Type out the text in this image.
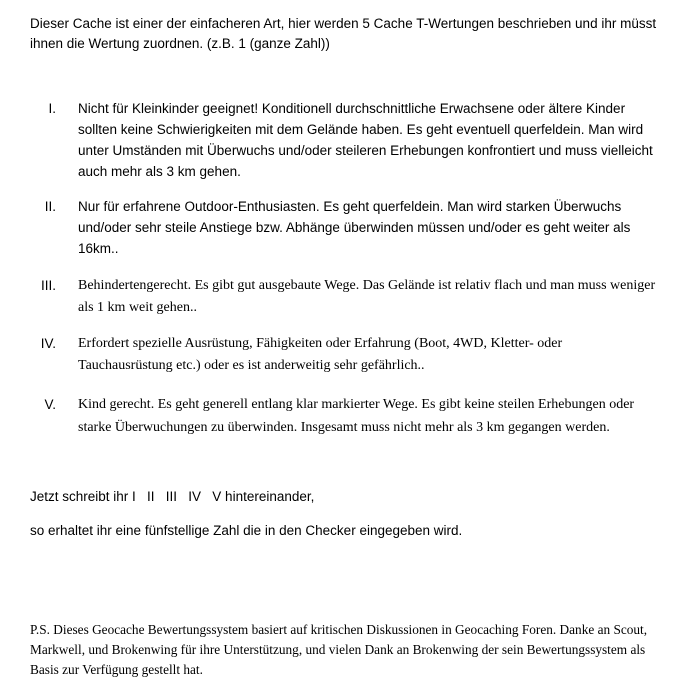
Dieser Cache ist einer der einfacheren Art, hier werden 5 Cache T-Wertungen beschrieben und ihr müsst ihnen die Wertung zuordnen. (z.B. 1 (ganze Zahl))

I. Nicht für Kleinkinder geeignet! Konditionell durchschnittliche Erwachsene oder ältere Kinder sollten keine Schwierigkeiten mit dem Gelände haben. Es geht eventuell querfeldein. Man wird unter Umständen mit Überwuchs und/oder steileren Erhebungen konfrontiert und muss vielleicht auch mehr als 3 km gehen.

II. Nur für erfahrene Outdoor-Enthusiasten. Es geht querfeldein. Man wird starken Überwuchs und/oder sehr steile Anstiege bzw. Abhänge überwinden müssen und/oder es geht weiter als 16km..

III. Behindertengerecht. Es gibt gut ausgebaute Wege. Das Gelände ist relativ flach und man muss weniger als 1 km weit gehen..

IV. Erfordert spezielle Ausrüstung, Fähigkeiten oder Erfahrung (Boot, 4WD, Kletter- oder Tauchausrüstung etc.) oder es ist anderweitig sehr gefährlich..

V. Kind gerecht. Es geht generell entlang klar markierter Wege. Es gibt keine steilen Erhebungen oder starke Überwuchungen zu überwinden. Insgesamt muss nicht mehr als 3 km gegangen werden.

Jetzt schreibt ihr I   II   III   IV   V hintereinander,

so erhaltet ihr eine fünfstellige Zahl die in den Checker eingegeben wird.

P.S. Dieses Geocache Bewertungssystem basiert auf kritischen Diskussionen in Geocaching Foren. Danke an Scout, Markwell, und Brokenwing für ihre Unterstützung, und vielen Dank an Brokenwing der sein Bewertungssystem als Basis zur Verfügung gestellt hat.
